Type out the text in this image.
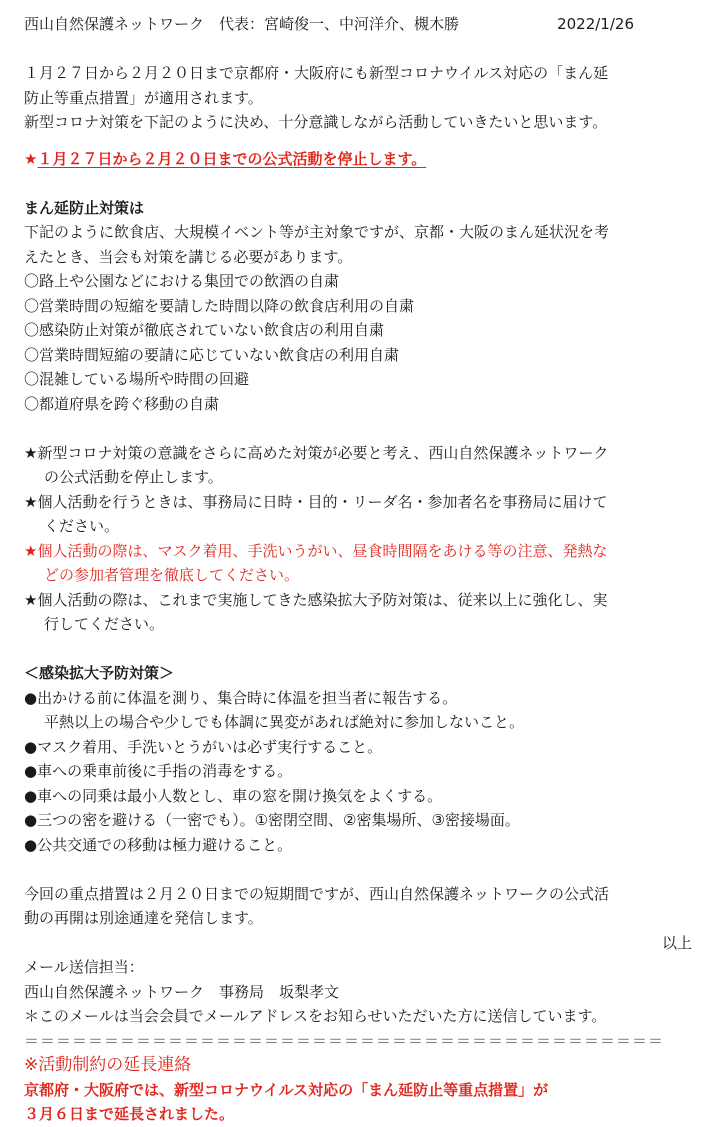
西山自然保護ネットワーク　代表：宮崎俊一、中河洋介、槻木勝	2022/1/26
１月２７日から２月２０日まで京都府・大阪府にも新型コロナウイルス対応の「まん延
防止等重点措置」が適用されます。
新型コロナ対策を下記のように決め、十分意識しながら活動していきたいと思います。
★１月２７日から２月２０日までの公式活動を停止します。
まん延防止対策は
下記のように飲食店、大規模イベント等が主対象ですが、京都・大阪のまん延状況を考
えたとき、当会も対策を講じる必要があります。
〇路上や公園などにおける集団での飲酒の自粛
〇営業時間の短縮を要請した時間以降の飲食店利用の自粛
〇感染防止対策が徹底されていない飲食店の利用自粛
〇営業時間短縮の要請に応じていない飲食店の利用自粛
〇混雑している場所や時間の回避
〇都道府県を跨ぐ移動の自粛
★新型コロナ対策の意識をさらに高めた対策が必要と考え、西山自然保護ネットワーク
の公式活動を停止します。
★個人活動を行うときは、事務局に日時・目的・リーダ名・参加者名を事務局に届けて
ください。
★個人活動の際は、マスク着用、手洗いうがい、昼食時間隔をあける等の注意、発熱な
どの参加者管理を徹底してください。
★個人活動の際は、これまで実施してきた感染拡大予防対策は、従来以上に強化し、実
行してください。
＜感染拡大予防対策＞
●出かける前に体温を測り、集合時に体温を担当者に報告する。
平熱以上の場合や少しでも体調に異変があれば絶対に参加しないこと。
●マスク着用、手洗いとうがいは必ず実行すること。
●車への乗車前後に手指の消毒をする。
●車への同乗は最小人数とし、車の窓を開け換気をよくする。
●三つの密を避ける（一密でも）。①密閉空間、②密集場所、③密接場面。
●公共交通での移動は極力避けること。
今回の重点措置は２月２０日までの短期間ですが、西山自然保護ネットワークの公式活
動の再開は別途通達を発信します。
以上
メール送信担当：
西山自然保護ネットワーク　事務局　坂梨孝文
＊このメールは当会会員でメールアドレスをお知らせいただいた方に送信しています。
＝＝＝＝＝＝＝＝＝＝＝＝＝＝＝＝＝＝＝＝＝＝＝＝＝＝＝＝＝＝＝＝＝＝＝＝＝＝＝＝
※活動制約の延長連絡
京都府・大阪府では、新型コロナウイルス対応の「まん延防止等重点措置」が
３月６日まで延長されました。
